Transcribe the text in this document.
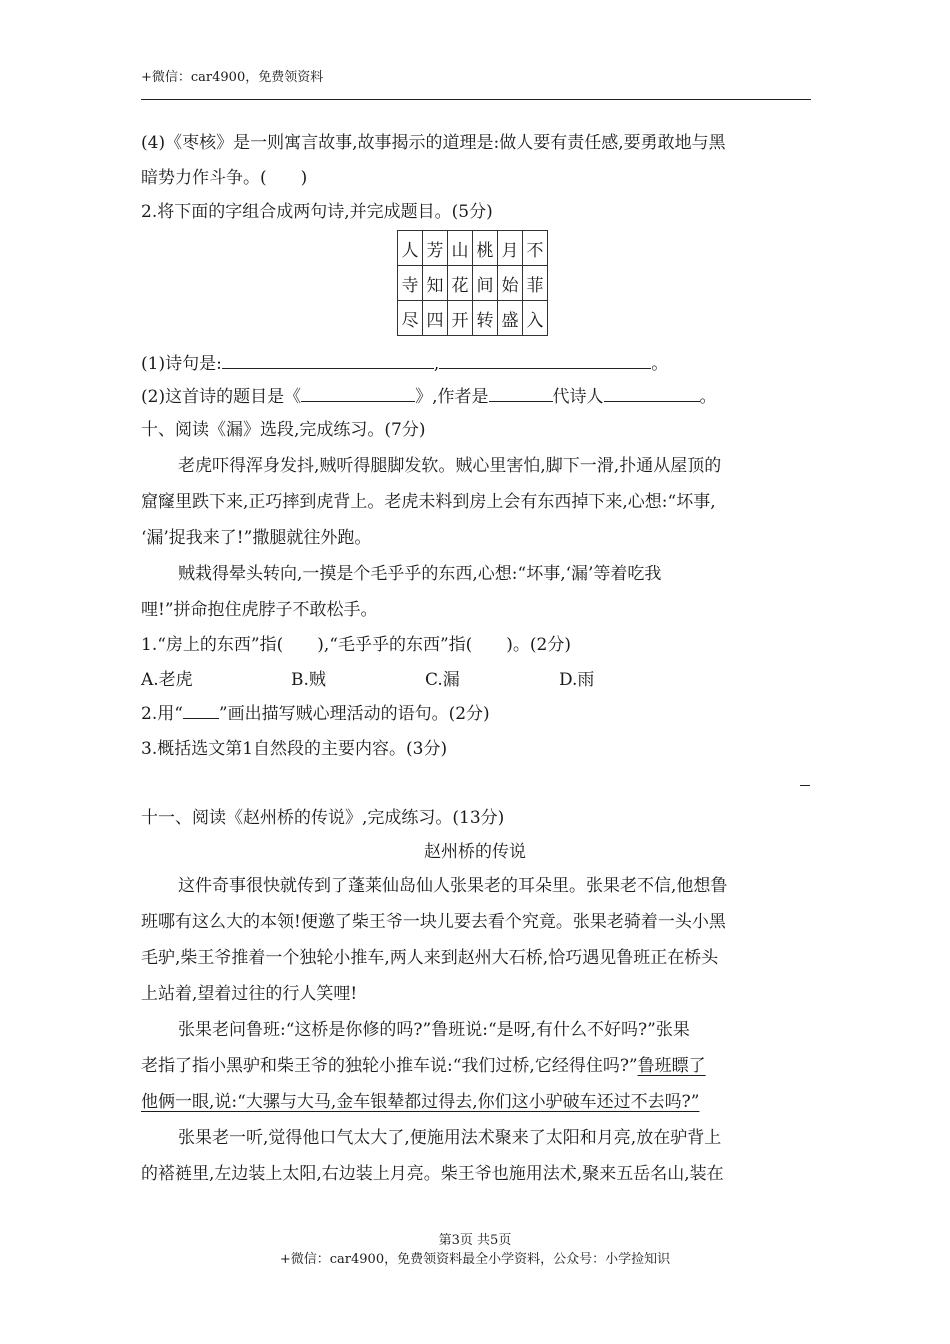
+微信：car4900，免费领资料
(4)《枣核》是一则寓言故事,故事揭示的道理是:做人要有责任感,要勇敢地与黑
暗势力作斗争。(　　)
2.将下面的字组合成两句诗,并完成题目。(5分)
人	芳	山	桃	月	不
寺	知	花	间	始	菲
尽	四	开	转	盛	入
(1)诗句是:	,	。
(2)这首诗的题目是《	》,作者是	代诗人	。
十、阅读《漏》选段,完成练习。(7分)
老虎吓得浑身发抖,贼听得腿脚发软。贼心里害怕,脚下一滑,扑通从屋顶的
窟窿里跌下来,正巧摔到虎背上。老虎未料到房上会有东西掉下来,心想:“坏事,
‘漏’捉我来了!”撒腿就往外跑。
贼栽得晕头转向,一摸是个毛乎乎的东西,心想:“坏事,‘漏’等着吃我
哩!”拼命抱住虎脖子不敢松手。
1.“房上的东西”指(　　),“毛乎乎的东西”指(　　)。(2分)
A.老虎	B.贼	C.漏	D.雨
2.用“ ”画出描写贼心理活动的语句。(2分)
3.概括选文第1自然段的主要内容。(3分)
十一、阅读《赵州桥的传说》,完成练习。(13分)
赵州桥的传说
这件奇事很快就传到了蓬莱仙岛仙人张果老的耳朵里。张果老不信,他想鲁
班哪有这么大的本领!便邀了柴王爷一块儿要去看个究竟。张果老骑着一头小黑
毛驴,柴王爷推着一个独轮小推车,两人来到赵州大石桥,恰巧遇见鲁班正在桥头
上站着,望着过往的行人笑哩!
张果老问鲁班:“这桥是你修的吗?”鲁班说:“是呀,有什么不好吗?”张果
老指了指小黑驴和柴王爷的独轮小推车说:“我们过桥,它经得住吗?”鲁班瞟了
他俩一眼,说:“大骡与大马,金车银辇都过得去,你们这小驴破车还过不去吗?”
张果老一听,觉得他口气太大了,便施用法术聚来了太阳和月亮,放在驴背上
的褡裢里,左边装上太阳,右边装上月亮。柴王爷也施用法术,聚来五岳名山,装在
第3页 共5页
+微信：car4900，免费领资料最全小学资料，公众号：小学捡知识
